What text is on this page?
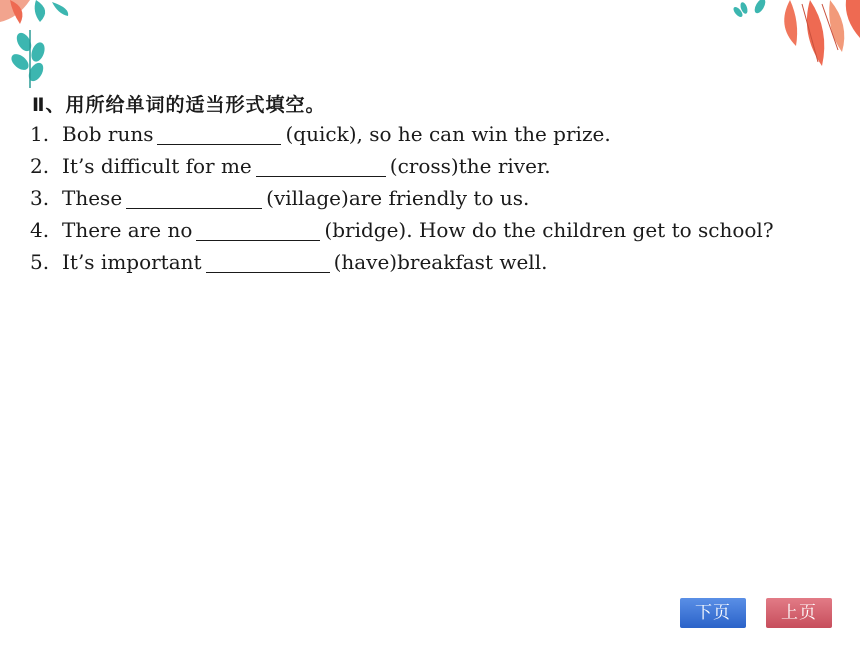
Ⅱ、用所给单词的适当形式填空。
1. Bob runs	(quick) , so he can win the prize.
2. It’s difficult for me	(cross) the river.
3. These	(village) are friendly to us.
4. There are no	(bridge) . How do the children get to school?
5. It’s important	(have) breakfast well.
下页	上页
